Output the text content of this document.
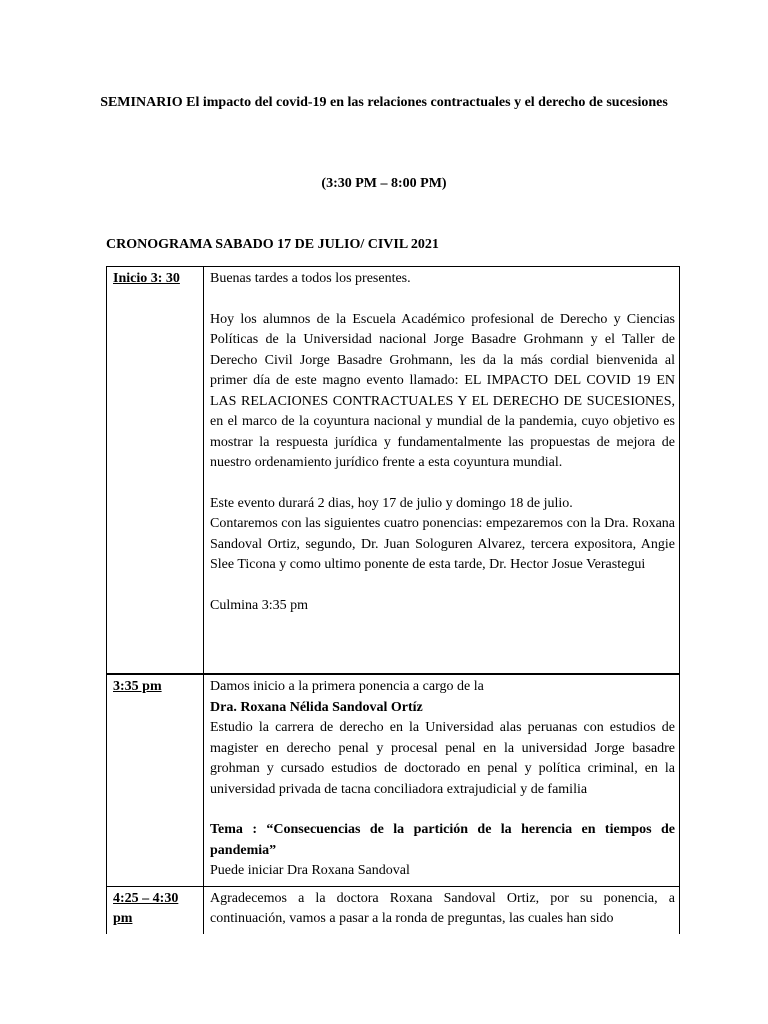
SEMINARIO El impacto del covid-19 en las relaciones contractuales y el derecho de sucesiones
(3:30 PM – 8:00 PM)
CRONOGRAMA SABADO 17 DE JULIO/ CIVIL 2021
Inicio 3: 30	Buenas tardes a todos los presentes.

Hoy los alumnos de la Escuela Académico profesional de Derecho y Ciencias Políticas de la Universidad nacional Jorge Basadre Grohmann y el Taller de Derecho Civil Jorge Basadre Grohmann, les da la más cordial bienvenida al primer día de este magno evento llamado: EL IMPACTO DEL COVID 19 EN LAS RELACIONES CONTRACTUALES Y EL DERECHO DE SUCESIONES, en el marco de la coyuntura nacional y mundial de la pandemia, cuyo objetivo es mostrar la respuesta jurídica y fundamentalmente las propuestas de mejora de nuestro ordenamiento jurídico frente a esta coyuntura mundial.

Este evento durará 2 dias, hoy 17 de julio y domingo 18 de julio.

Contaremos con las siguientes cuatro ponencias: empezaremos con la Dra. Roxana Sandoval Ortiz, segundo, Dr. Juan Sologuren Alvarez, tercera expositora, Angie Slee Ticona y como ultimo ponente de esta tarde, Dr. Hector Josue Verastegui

Culmina 3:35 pm

3:35 pm	Damos inicio a la primera ponencia a cargo de la

Dra. Roxana Nélida Sandoval Ortíz

Estudio la carrera de derecho en la Universidad alas peruanas con estudios de magister en derecho penal y procesal penal en la universidad Jorge basadre grohman y cursado estudios de doctorado en penal y política criminal, en la universidad privada de tacna conciliadora extrajudicial y de familia

Tema : “Consecuencias de la partición de la herencia en tiempos de pandemia”

Puede iniciar Dra Roxana Sandoval

4:25 – 4:30 pm	Agradecemos a la doctora Roxana Sandoval Ortiz, por su ponencia, a continuación, vamos a pasar a la ronda de preguntas, las cuales han sido
